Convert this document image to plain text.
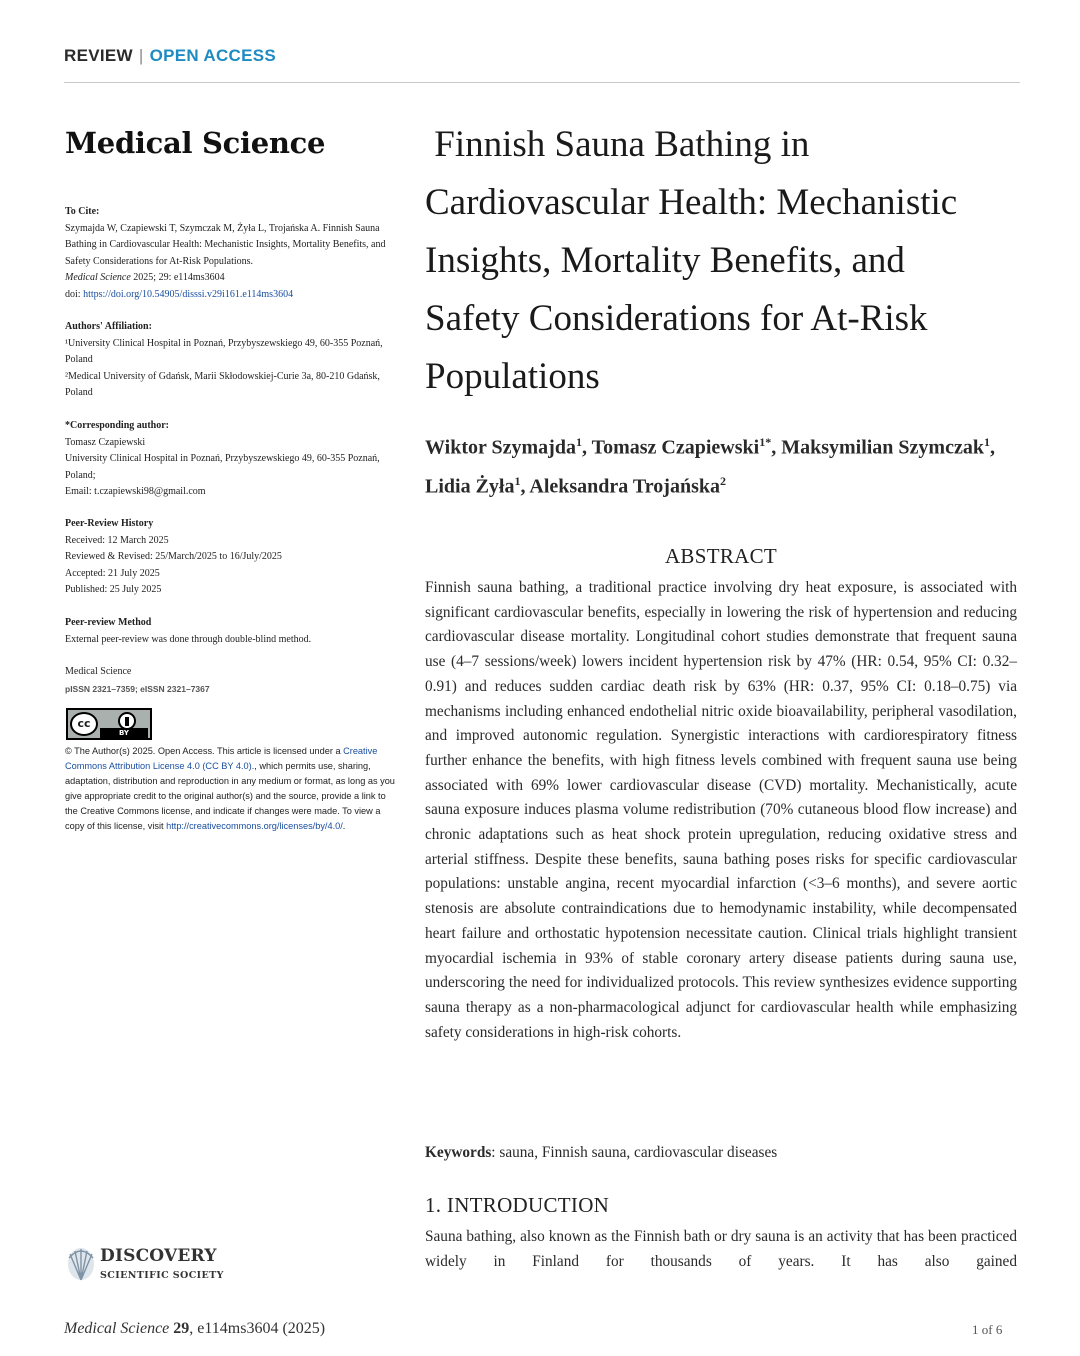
REVIEW | OPEN ACCESS
Medical Science

To Cite:

Szymajda W, Czapiewski T, Szymczak M, Żyła L, Trojańska A. Finnish Sauna Bathing in Cardiovascular Health: Mechanistic Insights, Mortality Benefits, and Safety Considerations for At-Risk Populations.
Medical Science 2025; 29: e114ms3604

doi: https://doi.org/10.54905/disssi.v29i161.e114ms3604

Authors' Affiliation:

¹University Clinical Hospital in Poznań, Przybyszewskiego 49, 60-355 Poznań, Poland

²Medical University of Gdańsk, Marii Skłodowskiej-Curie 3a, 80-210 Gdańsk, Poland

*Corresponding author:

Tomasz Czapiewski

University Clinical Hospital in Poznań, Przybyszewskiego 49, 60-355 Poznań, Poland;

Email: t.czapiewski98@gmail.com

Peer-Review History

Received: 12 March 2025

Reviewed & Revised: 25/March/2025 to 16/July/2025

Accepted: 21 July 2025

Published: 25 July 2025

Peer-review Method

External peer-review was done through double-blind method.

Medical Science

pISSN 2321–7359; eISSN 2321–7367

cc
BY
© The Author(s) 2025. Open Access. This article is licensed under a Creative Commons Attribution License 4.0 (CC BY 4.0)., which permits use, sharing, adaptation, distribution and reproduction in any medium or format, as long as you give appropriate credit to the original author(s) and the source, provide a link to the Creative Commons license, and indicate if changes were made. To view a copy of this license, visit http://creativecommons.org/licenses/by/4.0/.
DISCOVERY
SCIENTIFIC SOCIETY
Medical Science 29, e114ms3604 (2025)	1 of 6
Finnish Sauna Bathing in
Cardiovascular Health: Mechanistic
Insights, Mortality Benefits, and
Safety Considerations for At-Risk
Populations
Wiktor Szymajda$^1$, Tomasz Czapiewski$^{1*}$, Maksymilian Szymczak$^1$, Lidia Żyła$^1$, Aleksandra Trojańska$^2$
ABSTRACT
Finnish sauna bathing, a traditional practice involving dry heat exposure, is associated with significant cardiovascular benefits, especially in lowering the risk of hypertension and reducing cardiovascular disease mortality. Longitudinal cohort studies demonstrate that frequent sauna use (4–7 sessions/week) lowers incident hypertension risk by 47% (HR: 0.54, 95% CI: 0.32–0.91) and reduces sudden cardiac death risk by 63% (HR: 0.37, 95% CI: 0.18–0.75) via mechanisms including enhanced endothelial nitric oxide bioavailability, peripheral vasodilation, and improved autonomic regulation. Synergistic interactions with cardiorespiratory fitness further enhance the benefits, with high fitness levels combined with frequent sauna use being associated with 69% lower cardiovascular disease (CVD) mortality. Mechanistically, acute sauna exposure induces plasma volume redistribution (70% cutaneous blood flow increase) and chronic adaptations such as heat shock protein upregulation, reducing oxidative stress and arterial stiffness. Despite these benefits, sauna bathing poses risks for specific cardiovascular populations: unstable angina, recent myocardial infarction (<3–6 months), and severe aortic stenosis are absolute contraindications due to hemodynamic instability, while decompensated heart failure and orthostatic hypotension necessitate caution. Clinical trials highlight transient myocardial ischemia in 93% of stable coronary artery disease patients during sauna use, underscoring the need for individualized protocols. This review synthesizes evidence supporting sauna therapy as a non-pharmacological adjunct for cardiovascular health while emphasizing safety considerations in high-risk cohorts.
Keywords: sauna, Finnish sauna, cardiovascular diseases
1. INTRODUCTION
Sauna bathing, also known as the Finnish bath or dry sauna is an activity that has been practiced widely in Finland for thousands of years. It has also gained
